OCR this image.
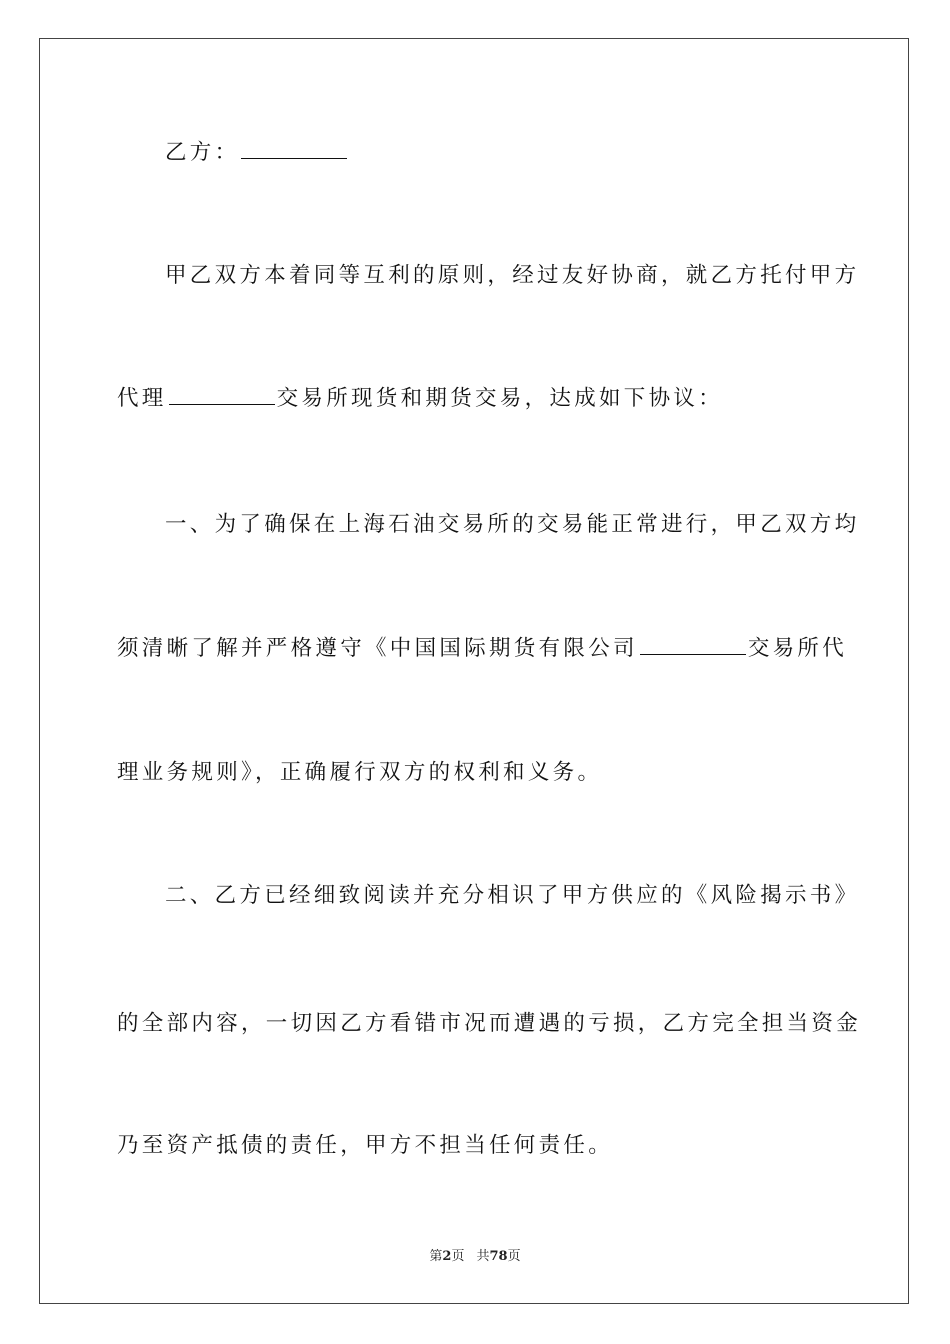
乙方：
甲乙双方本着同等互利的原则，经过友好协商，就乙方托付甲方
代理	交易所现货和期货交易，达成如下协议：
一、为了确保在上海石油交易所的交易能正常进行，甲乙双方均
须清晰了解并严格遵守《中国国际期货有限公司	交易所代
理业务规则》，正确履行双方的权利和义务。
二、乙方已经细致阅读并充分相识了甲方供应的《风险揭示书》
的全部内容，一切因乙方看错市况而遭遇的亏损，乙方完全担当资金
乃至资产抵债的责任，甲方不担当任何责任。
第2页 共78页
